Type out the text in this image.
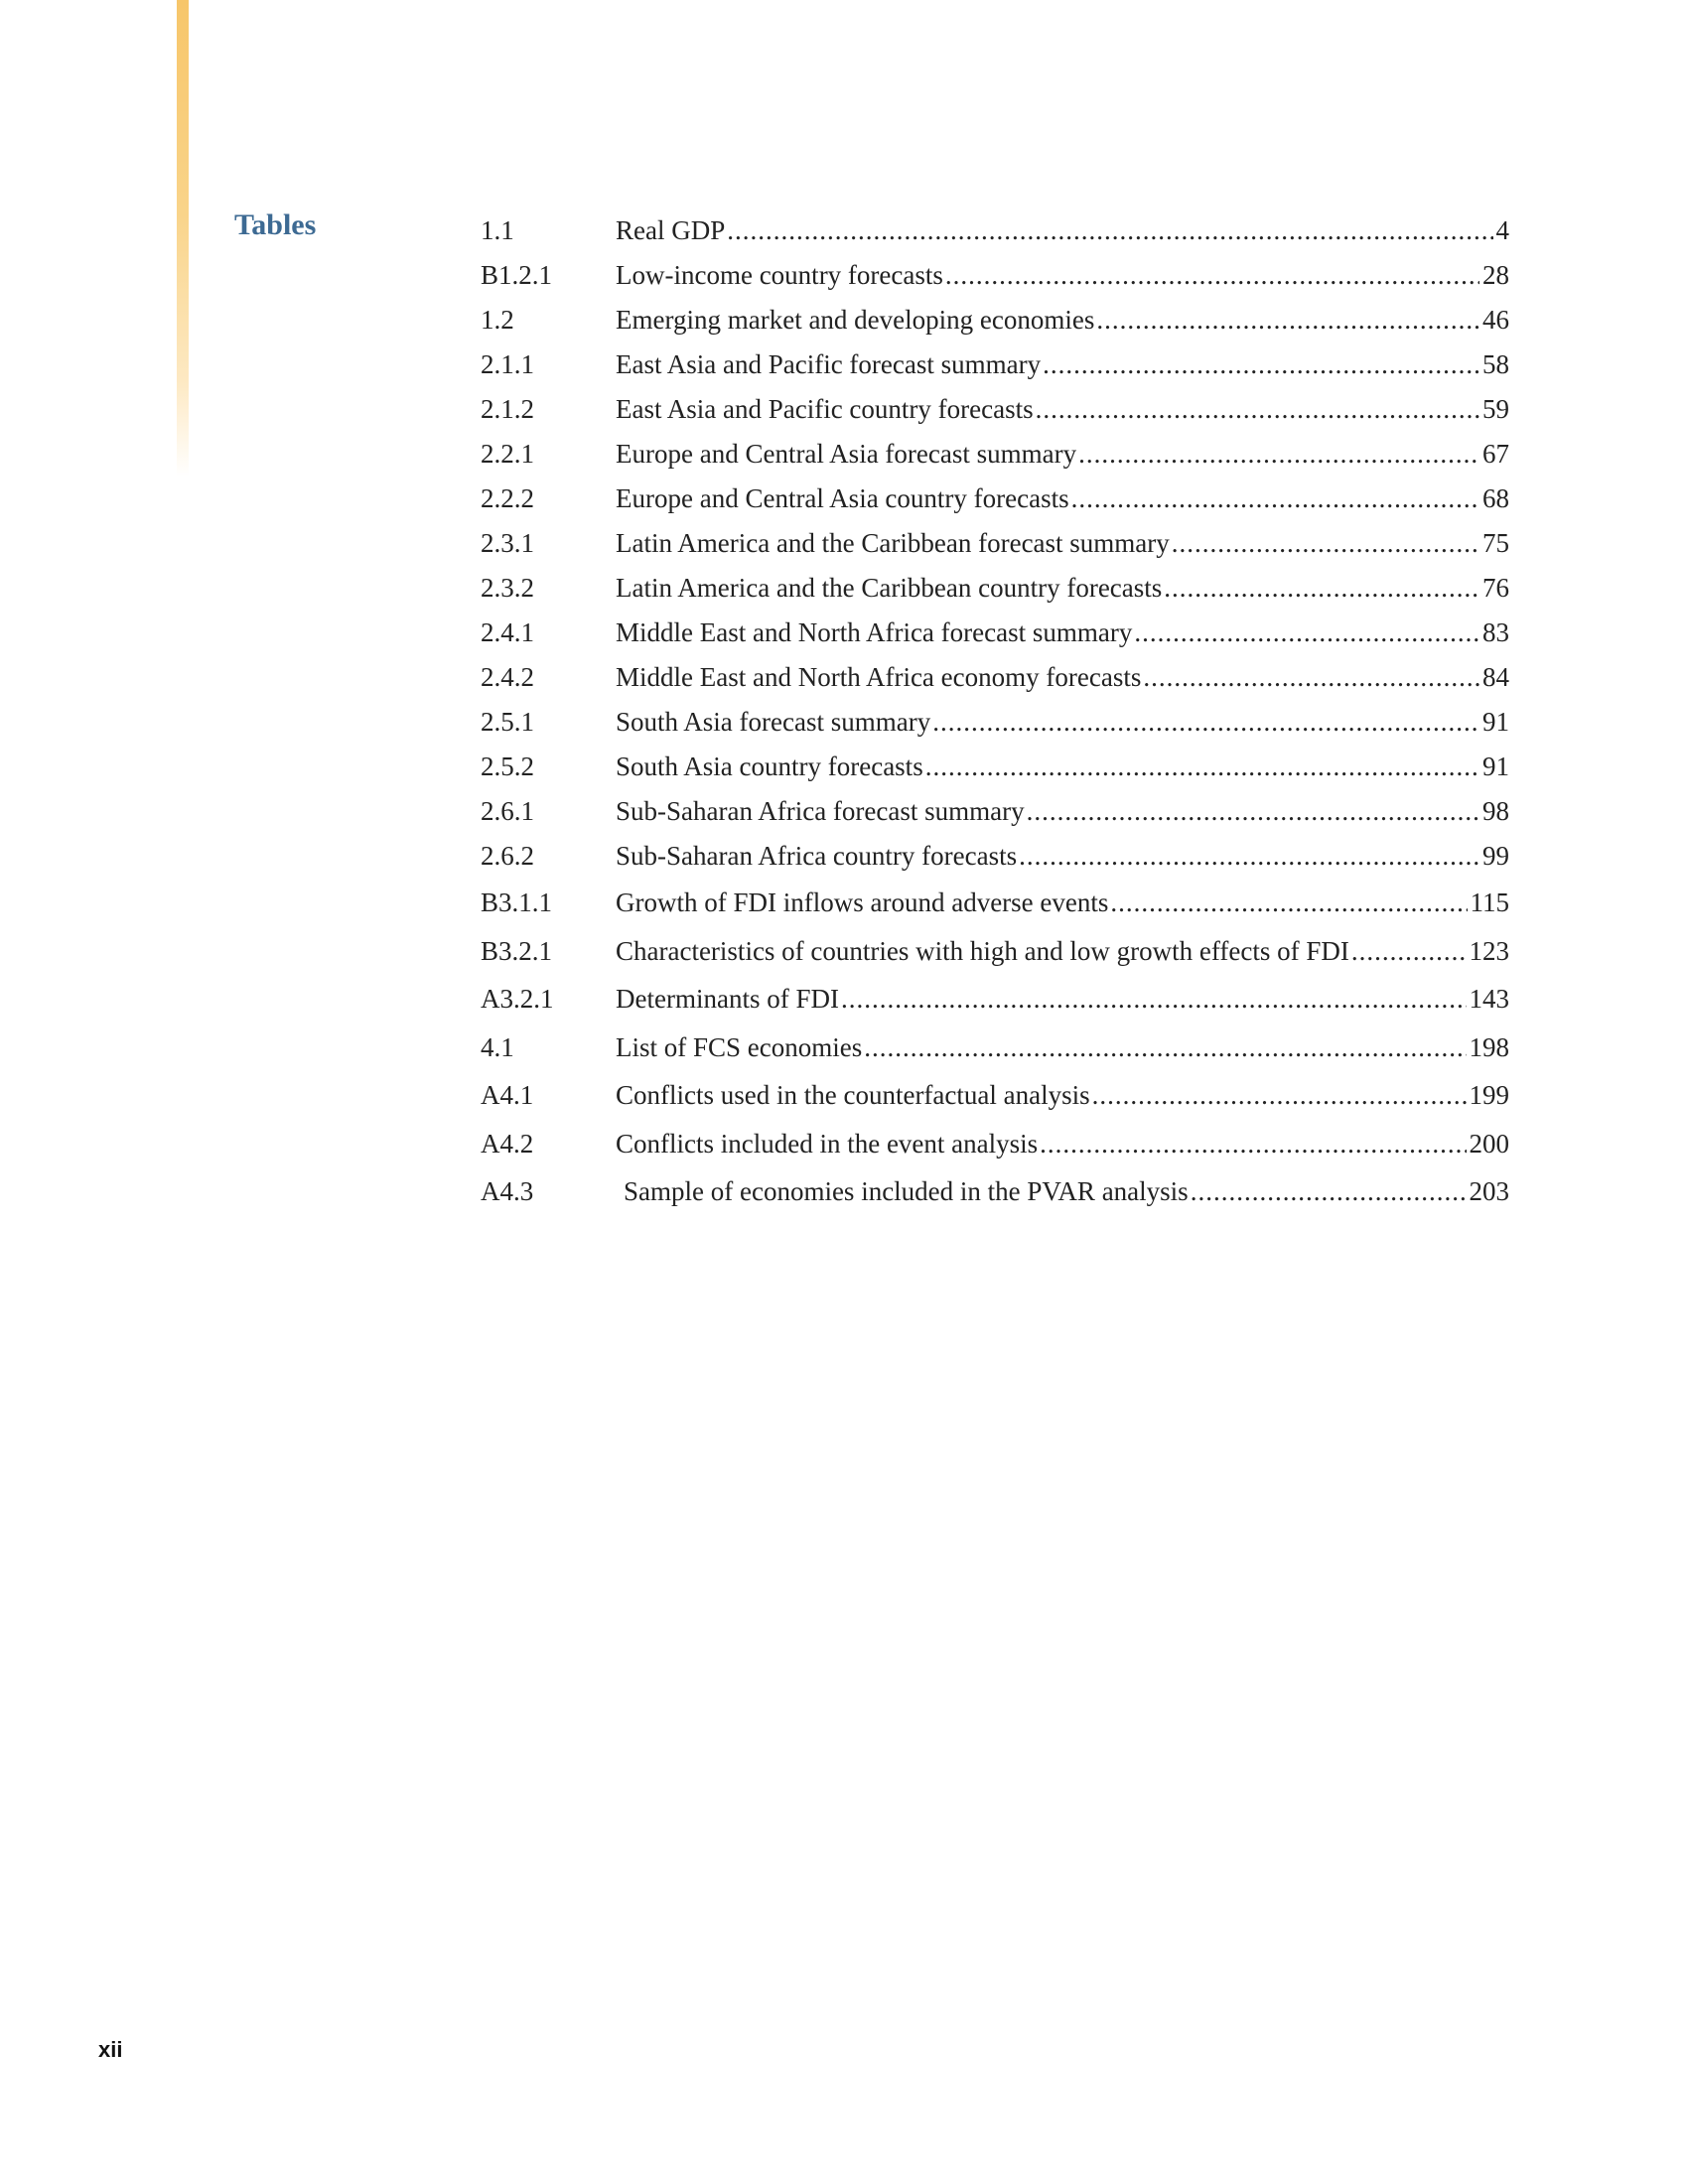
Tables	1.1	Real GDP .....	4
B1.2.1	Low-income country forecasts .....	28
1.2	Emerging market and developing economies .....	46
2.1.1	East Asia and Pacific forecast summary .....	58
2.1.2	East Asia and Pacific country forecasts .....	59
2.2.1	Europe and Central Asia forecast summary .....	67
2.2.2	Europe and Central Asia country forecasts .....	68
2.3.1	Latin America and the Caribbean forecast summary .....	75
2.3.2	Latin America and the Caribbean country forecasts .....	76
2.4.1	Middle East and North Africa forecast summary .....	83
2.4.2	Middle East and North Africa economy forecasts .....	84
2.5.1	South Asia forecast summary .....	91
2.5.2	South Asia country forecasts .....	91
2.6.1	Sub-Saharan Africa forecast summary .....	98
2.6.2	Sub-Saharan Africa country forecasts .....	99
B3.1.1	Growth of FDI inflows around adverse events .....	115
B3.2.1	Characteristics of countries with high and low growth effects of FDI .....	123
A3.2.1	Determinants of FDI .....	143
4.1	List of FCS economies .....	198
A4.1	Conflicts used in the counterfactual analysis .....	199
A4.2	Conflicts included in the event analysis .....	200
A4.3	Sample of economies included in the PVAR analysis .....	203
xii
